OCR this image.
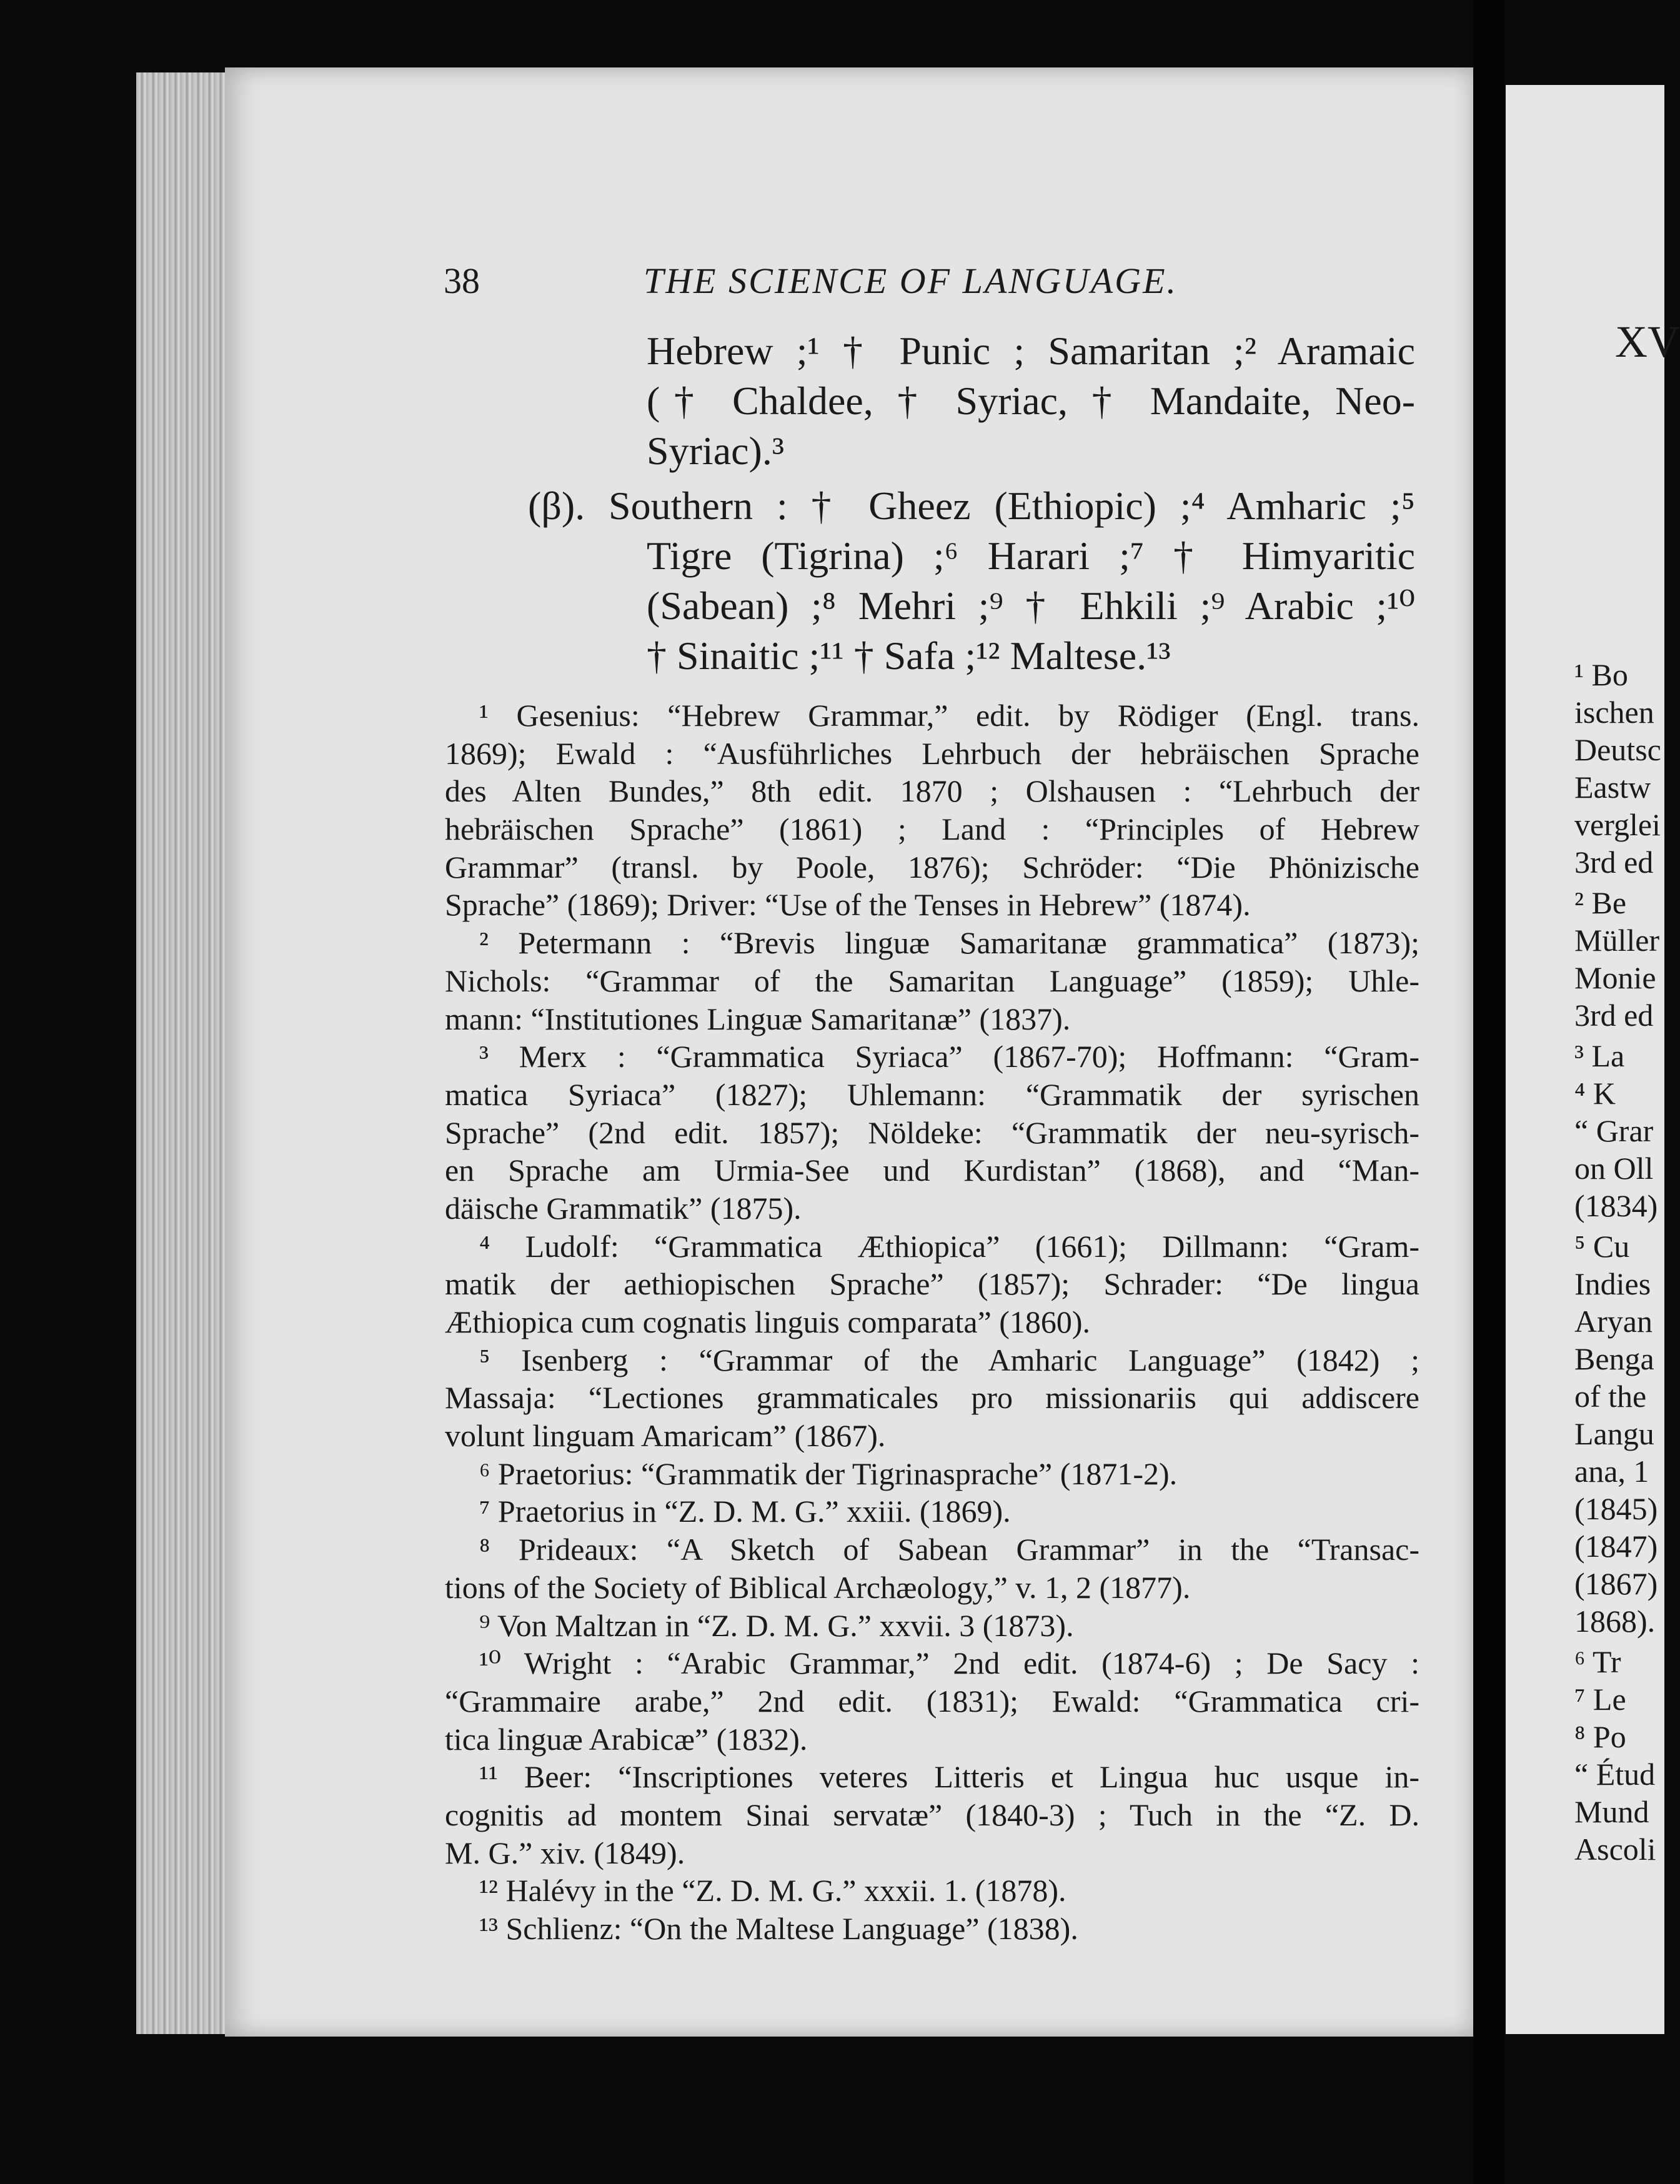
38	THE SCIENCE OF LANGUAGE.
Hebrew ;¹ † Punic ; Samaritan ;² Aramaic
(† Chaldee, † Syriac, † Mandaite, Neo-
Syriac).³
(β). Southern : † Gheez (Ethiopic) ;⁴ Amharic ;⁵
Tigre (Tigrina) ;⁶ Harari ;⁷ † Himyaritic
(Sabean) ;⁸ Mehri ;⁹ † Ehkili ;⁹ Arabic ;¹⁰
† Sinaitic ;¹¹ † Safa ;¹² Maltese.¹³
¹ Gesenius: “Hebrew Grammar,” edit. by Rödiger (Engl. trans.
1869); Ewald : “Ausführliches Lehrbuch der hebräischen Sprache
des Alten Bundes,” 8th edit. 1870 ; Olshausen : “Lehrbuch der
hebräischen Sprache” (1861) ; Land : “Principles of Hebrew
Grammar” (transl. by Poole, 1876); Schröder: “Die Phönizische
Sprache” (1869); Driver: “Use of the Tenses in Hebrew” (1874).
² Petermann : “Brevis linguæ Samaritanæ grammatica” (1873);
Nichols: “Grammar of the Samaritan Language” (1859); Uhle-
mann: “Institutiones Linguæ Samaritanæ” (1837).
³ Merx : “Grammatica Syriaca” (1867-70); Hoffmann: “Gram-
matica Syriaca” (1827); Uhlemann: “Grammatik der syrischen
Sprache” (2nd edit. 1857); Nöldeke: “Grammatik der neu-syrisch-
en Sprache am Urmia-See und Kurdistan” (1868), and “Man-
däische Grammatik” (1875).
⁴ Ludolf: “Grammatica Æthiopica” (1661); Dillmann: “Gram-
matik der aethiopischen Sprache” (1857); Schrader: “De lingua
Æthiopica cum cognatis linguis comparata” (1860).
⁵ Isenberg : “Grammar of the Amharic Language” (1842) ;
Massaja: “Lectiones grammaticales pro missionariis qui addiscere
volunt linguam Amaricam” (1867).
⁶ Praetorius: “Grammatik der Tigrinasprache” (1871-2).
⁷ Praetorius in “Z. D. M. G.” xxiii. (1869).
⁸ Prideaux: “A Sketch of Sabean Grammar” in the “Transac-
tions of the Society of Biblical Archæology,” v. 1, 2 (1877).
⁹ Von Maltzan in “Z. D. M. G.” xxvii. 3 (1873).
¹⁰ Wright : “Arabic Grammar,” 2nd edit. (1874-6) ; De Sacy :
“Grammaire arabe,” 2nd edit. (1831); Ewald: “Grammatica cri-
tica linguæ Arabicæ” (1832).
¹¹ Beer: “Inscriptiones veteres Litteris et Lingua huc usque in-
cognitis ad montem Sinai servatæ” (1840-3) ; Tuch in the “Z. D.
M. G.” xiv. (1849).
¹² Halévy in the “Z. D. M. G.” xxxii. 1. (1878).
¹³ Schlienz: “On the Maltese Language” (1838).
XV
¹ Bo
ischen
Deutsc
Eastw
verglei
3rd ed
² Be
Müller
Monie
3rd ed
³ La
⁴ K
“ Grar
on Oll
(1834)
⁵ Cu
Indies
Aryan
Benga
of the
Langu
ana, 1
(1845)
(1847)
(1867)
1868).
⁶ Tr
⁷ Le
⁸ Po
“ Étud
Mund
Ascoli
